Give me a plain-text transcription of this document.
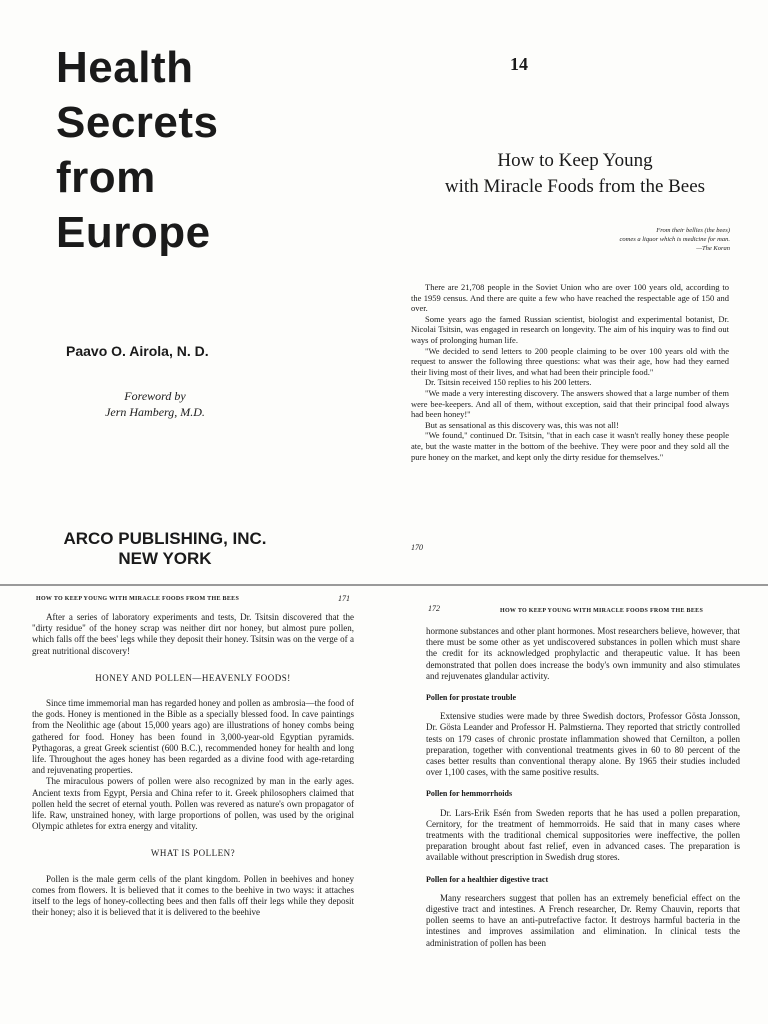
Health
Secrets
from
Europe
Paavo O. Airola, N. D.
Foreword by
Jern Hamberg, M.D.
ARCO PUBLISHING, INC.
NEW YORK
14
How to Keep Young
with Miracle Foods from the Bees
From their bellies (the bees)
comes a liquor which is medicine for man.
—The Koran

There are 21,708 people in the Soviet Union who are over 100 years old, according to the 1959 census. And there are quite a few who have reached the respectable age of 150 and over.

Some years ago the famed Russian scientist, biologist and experimental botanist, Dr. Nicolai Tsitsin, was engaged in research on longevity. The aim of his inquiry was to find out ways of prolonging human life.

"We decided to send letters to 200 people claiming to be over 100 years old with the request to answer the following three questions: what was their age, how had they earned their living most of their lives, and what had been their principle food."

Dr. Tsitsin received 150 replies to his 200 letters.

"We made a very interesting discovery. The answers showed that a large number of them were bee-keepers. And all of them, without exception, said that their principal food always had been honey!"

But as sensational as this discovery was, this was not all!

"We found," continued Dr. Tsitsin, "that in each case it wasn't really honey these people ate, but the waste matter in the bottom of the beehive. They were poor and they sold all the pure honey on the market, and kept only the dirty residue for themselves."

170
HOW TO KEEP YOUNG WITH MIRACLE FOODS FROM THE BEES	171

After a series of laboratory experiments and tests, Dr. Tsitsin discovered that the "dirty residue" of the honey scrap was neither dirt nor honey, but almost pure pollen, which falls off the bees' legs while they deposit their honey. Tsitsin was on the verge of a great nutritional discovery!

HONEY AND POLLEN—HEAVENLY FOODS!

Since time immemorial man has regarded honey and pollen as ambrosia—the food of the gods. Honey is mentioned in the Bible as a specially blessed food. In cave paintings from the Neolithic age (about 15,000 years ago) are illustrations of honey combs being gathered for food. Honey has been found in 3,000-year-old Egyptian pyramids. Pythagoras, a great Greek scientist (600 B.C.), recommended honey for health and long life. Throughout the ages honey has been regarded as a divine food with age-retarding and rejuvenating properties.

The miraculous powers of pollen were also recognized by man in the early ages. Ancient texts from Egypt, Persia and China refer to it. Greek philosophers claimed that pollen held the secret of eternal youth. Pollen was revered as nature's own propagator of life. Raw, unstrained honey, with large proportions of pollen, was used by the original Olympic athletes for extra energy and vitality.

WHAT IS POLLEN?

Pollen is the male germ cells of the plant kingdom. Pollen in beehives and honey comes from flowers. It is believed that it comes to the beehive in two ways: it attaches itself to the legs of honey-collecting bees and then falls off their legs while they deposit their honey; also it is believed that it is delivered to the beehive

172	HOW TO KEEP YOUNG WITH MIRACLE FOODS FROM THE BEES

hormone substances and other plant hormones. Most researchers believe, however, that there must be some other as yet undiscovered substances in pollen which must share the credit for its acknowledged prophylactic and therapeutic value. It has been demonstrated that pollen does increase the body's own immunity and also stimulates and rejuvenates glandular activity.

Pollen for prostate trouble

Extensive studies were made by three Swedish doctors, Professor Gösta Jonsson, Dr. Gösta Leander and Professor H. Palmstierna. They reported that strictly controlled tests on 179 cases of chronic prostate inflammation showed that Cernilton, a pollen preparation, together with conventional treatments gives in 60 to 80 percent of the cases better results than conventional therapy alone. By 1965 their studies included over 1,100 cases, with the same positive results.

Pollen for hemmorrhoids

Dr. Lars-Erik Esén from Sweden reports that he has used a pollen preparation, Cernitory, for the treatment of hemmorroids. He said that in many cases where treatments with the traditional chemical suppositories were ineffective, the pollen preparation brought about fast relief, even in advanced cases. The preparation is available without prescription in Swedish drug stores.

Pollen for a healthier digestive tract

Many researchers suggest that pollen has an extremely beneficial effect on the digestive tract and intestines. A French researcher, Dr. Remy Chauvin, reports that pollen seems to have an anti-putrefactive factor. It destroys harmful bacteria in the intestines and improves assimilation and elimination. In clinical tests the administration of pollen has been
